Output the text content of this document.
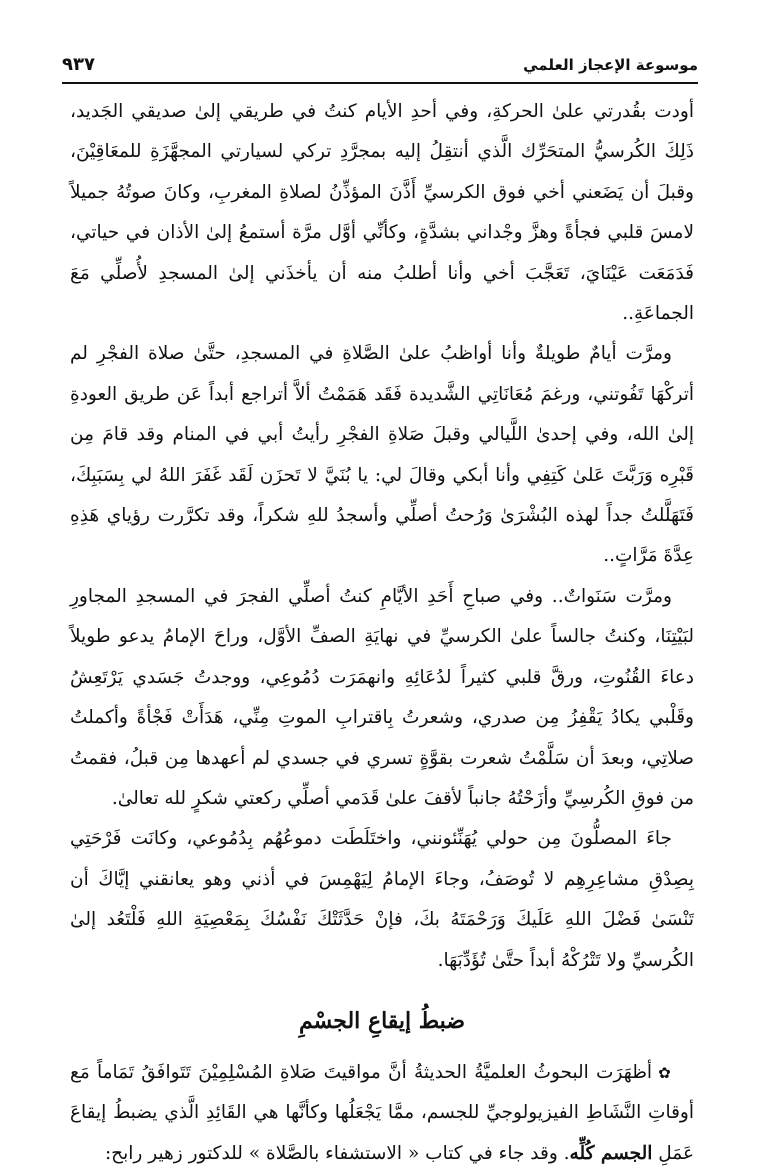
موسوعة الإعجاز العلمي
٩٣٧

أودت بقُدرتي علىٰ الحركةِ، وفي أحدِ الأيام كنتُ في طريقي إلىٰ صديقي الجَديد، ذَلِكَ الكُرسيُّ المتحَرِّك الَّذي أنتقِلُ إليه بمجرَّدِ تركي لسيارتي المجهَّزَةِ للمعَاقِيْنَ، وقبلَ أن يَضَعني أخي فوق الكرسيِّ أَذَّنَ المؤذِّنُ لصلاةِ المغربِ، وكانَ صوتُهُ جميلاً لامسَ قلبي فجأةً وهزَّ وجْداني بشدَّةٍ، وكأنِّي أوَّل مرَّة أستمعُ إلىٰ الأذان في حياتي، فَدَمَعَت عَيْنَايَ، تَعَجَّبَ أخي وأنا أطلبُ منه أن يأخذَني إلىٰ المسجدِ لأُصلِّي مَعَ الجماعَةِ..

ومرَّت أيامٌ طويلةٌ وأنا أواظبُ علىٰ الصَّلاةِ في المسجدِ، حتَّىٰ صلاة الفجْرِ لم أتركْهَا تَفُوتني، ورغمَ مُعَانَاتِي الشَّديدة فَقَد هَمَمْتُ ألاَّ أتراجع أبداً عَن طريق العودةِ إلىٰ الله، وفي إحدىٰ اللَّيالي وقبلَ صَلاةِ الفجْرِ رأيتُ أبي في المنام وقد قامَ مِن قَبْرِه وَرَبَّتَ عَلىٰ كَتِفِي وأنا أبكي وقالَ لي: يا بُنَيَّ لا تَحزَن لَقَد غَفَرَ اللهُ لي بِسَبَبِكَ، فَتَهَلَّلتُ جداً لهذه البُشْرَىٰ وَرُحتُ أصلِّي وأسجدُ للهِ شكراً، وقد تكرَّرت رؤياي هَذِهِ عِدَّةَ مَرَّاتٍ..

ومرَّت سَنَواتٌ.. وفي صباحِ أَحَدِ الأيَّامِ كنتُ أصلِّي الفجرَ في المسجدِ المجاورِ لبَيْتِنَا، وكنتُ جالساً علىٰ الكرسيِّ في نهايَةِ الصفِّ الأوَّل، وراحَ الإمامُ يدعو طويلاً دعاءَ القُنُوتِ، ورقَّ قلبي كثيراً لدُعَائِهِ وانهمَرَت دُمُوعِي، ووجدتُ جَسَدي يَرْتَعِشُ وقَلْبي يكادُ يَقْفِزُ مِن صدري، وشعرتُ بِاقترابِ الموتِ مِنِّي، هَدَأَتْ فَجْأةً وأكملتُ صلاتِي، وبعدَ أن سَلَّمْتُ شعرت بقوَّةٍ تسري في جسدي لم أعهدها مِن قبلُ، فقمتُ من فوقِ الكُرسِيِّ وأزَحْتُهُ جانباً لأقفَ علىٰ قَدَمي أصلِّي ركعتي شكرٍ لله تعالىٰ.

جاءَ المصلُّونَ مِن حولي يُهَنِّئونني، واختَلَطَت دموعُهُم بِدُمُوعي، وكانَت فَرْحَتِي بِصِدْقِ مشاعِرِهِم لا تُوصَفُ، وجاءَ الإمامُ لِيَهْمِسَ في أذني وهو يعانقني إيَّاكَ أن تَنْسَىٰ فَضْلَ اللهِ عَلَيكَ وَرَحْمَتَهُ بكَ، فإنْ حَدَّثَتْكَ نَفْسُكَ بِمَعْصِيَةِ اللهِ فَلْتَعُد إلىٰ الكُرسيِّ ولا تَتْرُكْهُ أبداً حتَّىٰ تُؤَدِّبَهَا.

ضبطُ إيقاعِ الجسْمِ

✿أظهَرَت البحوثُ العلميَّةُ الحديثةُ أنَّ مواقيتَ صَلاةِ المُسْلِمِيْنَ تَتَوافَقُ تَمَاماً مَع أوقاتِ النَّشَاطِ الفيزيولوجيِّ للجسم، ممَّا يَجْعَلُها وكأنَّها هي القَائِدِ الَّذي يضبطُ إيقاعَ عَمَلِ الجسم كُلِّه. وقد جاء في كتاب « الاستشفاء بالصَّلاة » للدكتور زهير رابح:
